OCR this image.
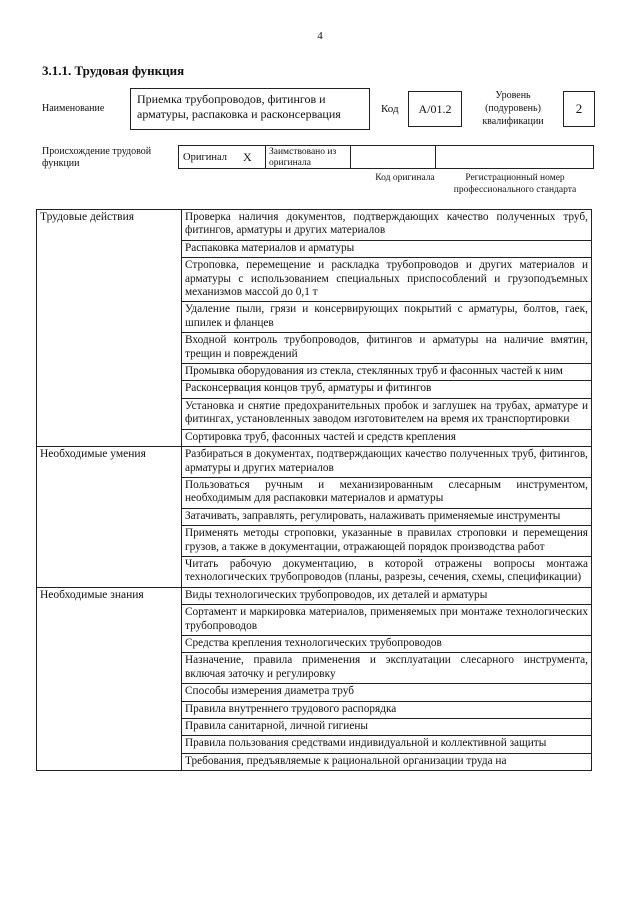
4
3.1.1. Трудовая функция
Наименование
Приемка трубопроводов, фитингов и арматуры, распаковка и расконсервация	Код	A/01.2
Уровень (подуровень) квалификации
2
Происхождение трудовой функции
Оригинал X	Заимствовано из оригинала
Код оригинала	Регистрационный номер профессионального стандарта
Трудовые действия	Проверка наличия документов, подтверждающих качество полученных труб, фитингов, арматуры и других материалов
	Распаковка материалов и арматуры
	Строповка, перемещение и раскладка трубопроводов и других материалов и арматуры с использованием специальных приспособлений и грузоподъемных механизмов массой до 0,1 т
	Удаление пыли, грязи и консервирующих покрытий с арматуры, болтов, гаек, шпилек и фланцев
	Входной контроль трубопроводов, фитингов и арматуры на наличие вмятин, трещин и повреждений
	Промывка оборудования из стекла, стеклянных труб и фасонных частей к ним
	Расконсервация концов труб, арматуры и фитингов
	Установка и снятие предохранительных пробок и заглушек на трубах, арматуре и фитингах, установленных заводом изготовителем на время их транспортировки
	Сортировка труб, фасонных частей и средств крепления
Необходимые умения	Разбираться в документах, подтверждающих качество полученных труб, фитингов, арматуры и других материалов
	Пользоваться ручным и механизированным слесарным инструментом, необходимым для распаковки материалов и арматуры
	Затачивать, заправлять, регулировать, налаживать применяемые инструменты
	Применять методы строповки, указанные в правилах строповки и перемещения грузов, а также в документации, отражающей порядок производства работ
	Читать рабочую документацию, в которой отражены вопросы монтажа технологических трубопроводов (планы, разрезы, сечения, схемы, спецификации)
Необходимые знания	Виды технологических трубопроводов, их деталей и арматуры
	Сортамент и маркировка материалов, применяемых при монтаже технологических трубопроводов
	Средства крепления технологических трубопроводов
	Назначение, правила применения и эксплуатации слесарного инструмента, включая заточку и регулировку
	Способы измерения диаметра труб
	Правила внутреннего трудового распорядка
	Правила санитарной, личной гигиены
	Правила пользования средствами индивидуальной и коллективной защиты
	Требования, предъявляемые к рациональной организации труда на
